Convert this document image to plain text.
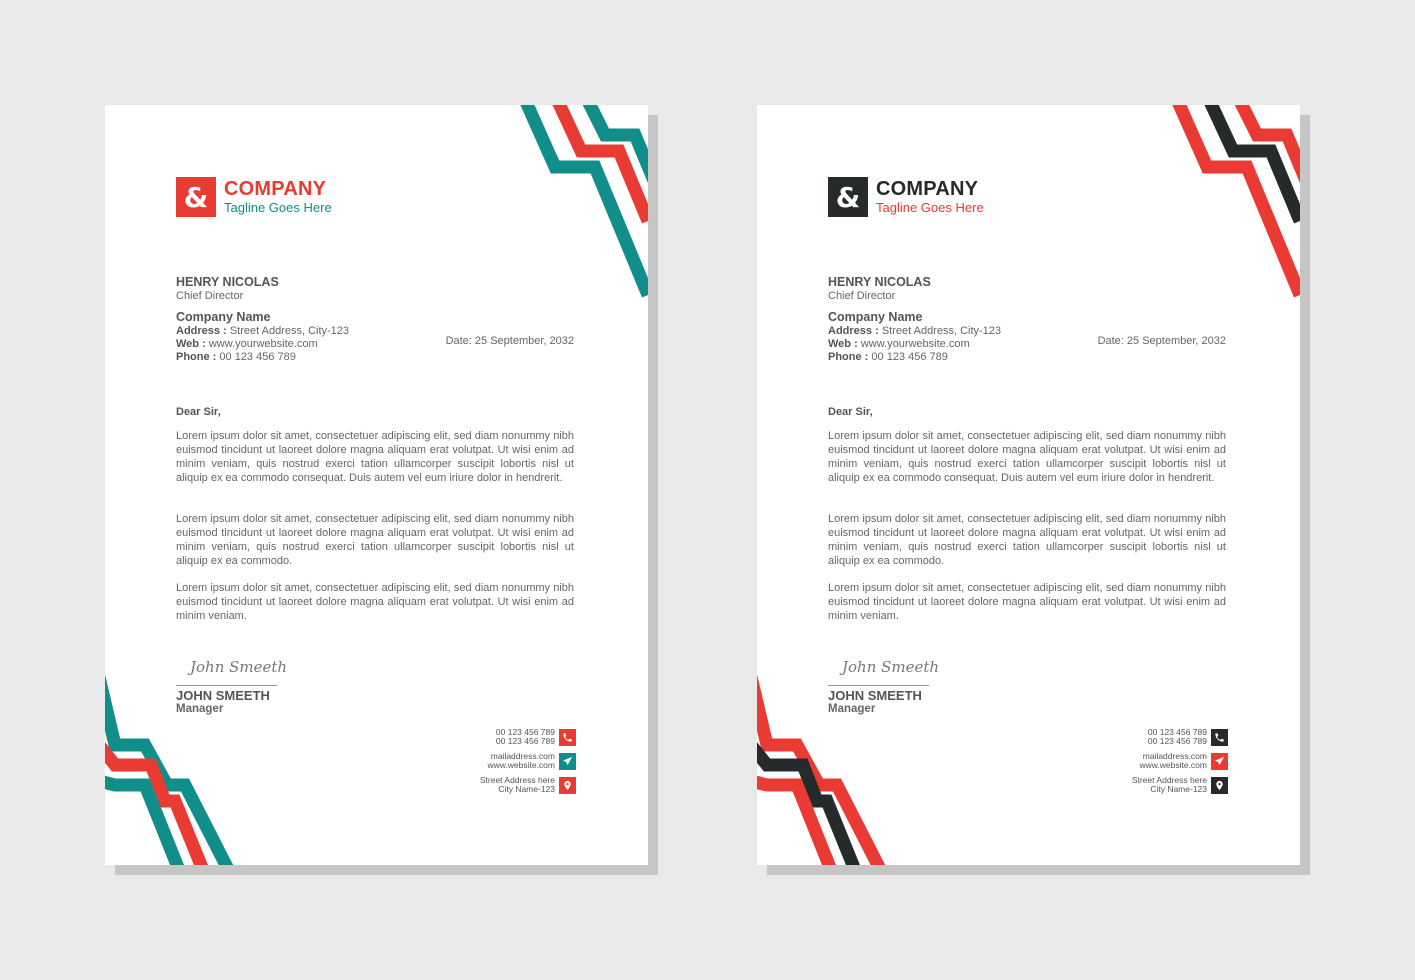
& COMPANY
Tagline Goes Here
HENRY NICOLAS
Chief Director
Company Name
Address : Street Address, City-123
Web : www.yourwebsite.com
Phone : 00 123 456 789
Date: 25 September, 2032
Dear Sir,

Lorem ipsum dolor sit amet, consectetuer adipiscing elit, sed diam nonummy nibh euismod tincidunt ut laoreet dolore magna aliquam erat volutpat. Ut wisi enim ad minim veniam, quis nostrud exerci tation ullamcorper suscipit lobortis nisl ut aliquip ex ea commodo consequat. Duis autem vel eum iriure dolor in hendrerit.

Lorem ipsum dolor sit amet, consectetuer adipiscing elit, sed diam nonummy nibh euismod tincidunt ut laoreet dolore magna aliquam erat volutpat. Ut wisi enim ad minim veniam, quis nostrud exerci tation ullamcorper suscipit lobortis nisl ut aliquip ex ea commodo.

Lorem ipsum dolor sit amet, consectetuer adipiscing elit, sed diam nonummy nibh euismod tincidunt ut laoreet dolore magna aliquam erat volutpat. Ut wisi enim ad minim veniam.

John Smeeth
JOHN SMEETH
Manager
00 123 456 789
00 123 456 789
mailaddress.com
www.website.com
Street Address here
City Name-123
& COMPANY
Tagline Goes Here
HENRY NICOLAS
Chief Director
Company Name
Address : Street Address, City-123
Web : www.yourwebsite.com
Phone : 00 123 456 789
Date: 25 September, 2032
Dear Sir,

Lorem ipsum dolor sit amet, consectetuer adipiscing elit, sed diam nonummy nibh euismod tincidunt ut laoreet dolore magna aliquam erat volutpat. Ut wisi enim ad minim veniam, quis nostrud exerci tation ullamcorper suscipit lobortis nisl ut aliquip ex ea commodo consequat. Duis autem vel eum iriure dolor in hendrerit.

Lorem ipsum dolor sit amet, consectetuer adipiscing elit, sed diam nonummy nibh euismod tincidunt ut laoreet dolore magna aliquam erat volutpat. Ut wisi enim ad minim veniam, quis nostrud exerci tation ullamcorper suscipit lobortis nisl ut aliquip ex ea commodo.

Lorem ipsum dolor sit amet, consectetuer adipiscing elit, sed diam nonummy nibh euismod tincidunt ut laoreet dolore magna aliquam erat volutpat. Ut wisi enim ad minim veniam.

John Smeeth
JOHN SMEETH
Manager
00 123 456 789
00 123 456 789
mailaddress.com
www.website.com
Street Address here
City Name-123
